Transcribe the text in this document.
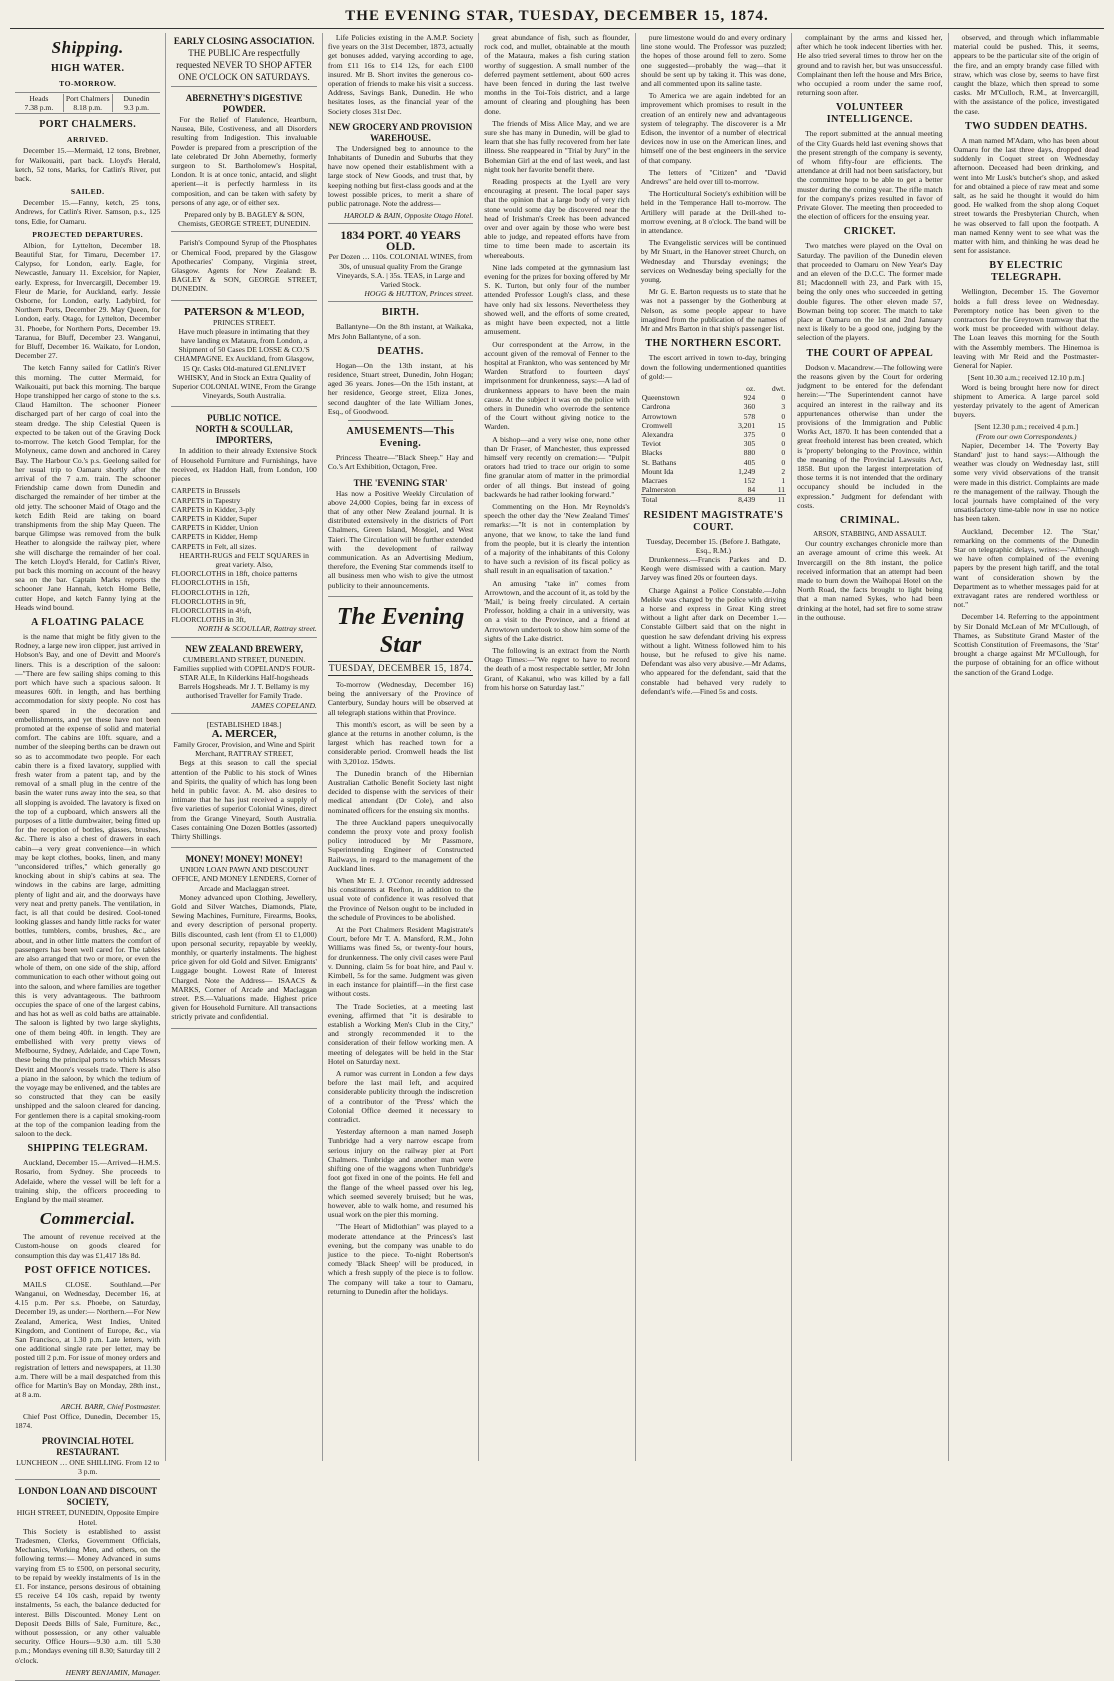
THE EVENING STAR, TUESDAY, DECEMBER 15, 1874.
Shipping.
HIGH WATER.
TO-MORROW.
Heads
7.38 p.m.
Port Chalmers
8.18 p.m.
Dunedin
9.3 p.m.
PORT CHALMERS.
ARRIVED.

December 15.—Mermaid, 12 tons, Brebner, for Waikouaiti, part back. Lloyd's Herald, ketch, 52 tons, Marks, for Catlin's River, put back.

SAILED.

December 15.—Fanny, ketch, 25 tons, Andrews, for Catlin's River. Samson, p.s., 125 tons, Edie, for Oamaru.

PROJECTED DEPARTURES.

Albion, for Lyttelton, December 18. Beautiful Star, for Timaru, December 17. Calypso, for London, early. Eagle, for Newcastle, January 11. Excelsior, for Napier, early. Express, for Invercargill, December 19. Fleur de Marie, for Auckland, early. Jessie Osborne, for London, early. Ladybird, for Northern Ports, December 29. May Queen, for London, early. Otago, for Lyttelton, December 31. Phoebe, for Northern Ports, December 19. Taranua, for Bluff, December 23. Wanganui, for Bluff, December 16. Waikato, for London, December 27.

The ketch Fanny sailed for Catlin's River this morning. The cutter Mermaid, for Waikouaiti, put back this morning. The barque Hope transhipped her cargo of stone to the s.s. Claud Hamilton. The schooner Pioneer discharged part of her cargo of coal into the steam dredge. The ship Celestial Queen is expected to be taken out of the Graving Dock to-morrow. The ketch Good Templar, for the Molyneux, came down and anchored in Carey Bay. The Harbour Co.'s p.s. Geelong sailed for her usual trip to Oamaru shortly after the arrival of the 7 a.m. train. The schooner Friendship came down from Dunedin and discharged the remainder of her timber at the old jetty. The schooner Maid of Otago and the ketch Edith Reid are taking on board transhipments from the ship May Queen. The barque Glimpse was removed from the bulk Heather to alongside the railway pier, where she will discharge the remainder of her coal. The ketch Lloyd's Herald, for Catlin's River, put back this morning on account of the heavy sea on the bar. Captain Marks reports the schooner Jane Hannah, ketch Home Belle, cutter Hope, and ketch Fanny lying at the Heads wind bound.

A FLOATING PALACE

is the name that might be fitly given to the Rodney, a large new iron clipper, just arrived in Hobson's Bay, and one of Devitt and Moore's liners. This is a description of the saloon:—"There are few sailing ships coming to this port which have such a spacious saloon. It measures 60ft. in length, and has berthing accommodation for sixty people. No cost has been spared in the decoration and embellishments, and yet these have not been promoted at the expense of solid and material comfort. The cabins are 10ft. square, and a number of the sleeping berths can be drawn out so as to accommodate two people. For each cabin there is a fixed lavatory, supplied with fresh water from a patent tap, and by the removal of a small plug in the centre of the basin the water runs away into the sea, so that all slopping is avoided. The lavatory is fixed on the top of a cupboard, which answers all the purposes of a little dumbwaiter, being fitted up for the reception of bottles, glasses, brushes, &c. There is also a chest of drawers in each cabin—a very great convenience—in which may be kept clothes, books, linen, and many "unconsidered trifles," which generally go knocking about in ship's cabins at sea. The windows in the cabins are large, admitting plenty of light and air, and the doorways have very neat and pretty panels. The ventilation, in fact, is all that could be desired. Cool-toned looking glasses and handy little racks for water bottles, tumblers, combs, brushes, &c., are about, and in other little matters the comfort of passengers has been well cared for. The tables are also arranged that two or more, or even the whole of them, on one side of the ship, afford communication to each other without going out into the saloon, and where families are together this is very advantageous. The bathroom occupies the space of one of the largest cabins, and has hot as well as cold baths are attainable. The saloon is lighted by two large skylights, one of them being 40ft. in length. They are embellished with very pretty views of Melbourne, Sydney, Adelaide, and Cape Town, these being the principal ports to which Messrs Devitt and Moore's vessels trade. There is also a piano in the saloon, by which the tedium of the voyage may be enlivened, and the tables are so constructed that they can be easily unshipped and the saloon cleared for dancing. For gentlemen there is a capital smoking-room at the top of the companion leading from the saloon to the deck.

SHIPPING TELEGRAM.

Auckland, December 15.—Arrived—H.M.S. Rosario, from Sydney. She proceeds to Adelaide, where the vessel will be left for a training ship, the officers proceeding to England by the mail steamer.

Commercial.

The amount of revenue received at the Custom-house on goods cleared for consumption this day was £1,417 18s 8d.

POST OFFICE NOTICES.

MAILS CLOSE. Southland.—Per Wanganui, on Wednesday, December 16, at 4.15 p.m. Per s.s. Phoebe, on Saturday, December 19, as under:— Northern.—For New Zealand, America, West Indies, United Kingdom, and Continent of Europe, &c., via San Francisco, at 1.30 p.m. Late letters, with one additional single rate per letter, may be posted till 2 p.m. For issue of money orders and registration of letters and newspapers, at 11.30 a.m. There will be a mail despatched from this office for Martin's Bay on Monday, 28th inst., at 8 a.m.

ARCH. BARR, Chief Postmaster.

Chief Post Office, Dunedin, December 15, 1874.

PROVINCIAL HOTEL RESTAURANT.
LUNCHEON … ONE SHILLING. From 12 to 3 p.m.
LONDON LOAN AND DISCOUNT SOCIETY,
HIGH STREET, DUNEDIN, Opposite Empire Hotel.

This Society is established to assist Tradesmen, Clerks, Government Officials, Mechanics, Working Men, and others, on the following terms:— Money Advanced in sums varying from £5 to £500, on personal security, to be repaid by weekly instalments of 1s in the £1. For instance, persons desirous of obtaining £5 receive £4 10s cash, repaid by twenty instalments, 5s each, the balance deducted for interest. Bills Discounted. Money Lent on Deposit Deeds Bills of Sale, Furniture, &c., without possession, or any other valuable security. Office Hours—9.30 a.m. till 5.30 p.m.; Mondays evening till 8.30; Saturday till 2 o'clock.

HENRY BENJAMIN, Manager.
EARLY CLOSING ASSOCIATION.
THE PUBLIC Are respectfully requested NEVER TO SHOP AFTER ONE O'CLOCK ON SATURDAYS.
ABERNETHY'S DIGESTIVE POWDER.

For the Relief of Flatulence, Heartburn, Nausea, Bile, Costiveness, and all Disorders resulting from Indigestion. This invaluable Powder is prepared from a prescription of the late celebrated Dr John Abernethy, formerly surgeon to St. Bartholomew's Hospital, London. It is at once tonic, antacid, and slight aperient—it is perfectly harmless in its composition, and can be taken with safety by persons of any age, or of either sex.

Prepared only by B. BAGLEY & SON, Chemists, GEORGE STREET, DUNEDIN.

Parish's Compound Syrup of the Phosphates or Chemical Food, prepared by the Glasgow Apothecaries' Company, Virginia street, Glasgow. Agents for New Zealand: B. BAGLEY & SON, GEORGE STREET, DUNEDIN.

PATERSON & M'LEOD,
PRINCES STREET.

Have much pleasure in intimating that they have landing ex Mataura, from London, a Shipment of 50 Cases DE LOSSE & CO.'S CHAMPAGNE. Ex Auckland, from Glasgow, 15 Qr. Casks Old-matured GLENLIVET WHISKY, And in Stock an Extra Quality of Superior COLONIAL WINE, From the Grange Vineyards, South Australia.

PUBLIC NOTICE.
NORTH & SCOULLAR, IMPORTERS,

In addition to their already Extensive Stock of Household Furniture and Furnishings, have received, ex Haddon Hall, from London, 100 pieces

CARPETS in Brussels
CARPETS in Tapestry
CARPETS in Kidder, 3-ply
CARPETS in Kidder, Super
CARPETS in Kidder, Union
CARPETS in Kidder, Hemp
CARPETS in Felt, all sizes.
HEARTH-RUGS and FELT SQUARES in great variety. Also,
FLOORCLOTHS in 18ft, choice patterns
FLOORCLOTHS in 15ft,
FLOORCLOTHS in 12ft,
FLOORCLOTHS in 9ft,
FLOORCLOTHS in 4½ft,
FLOORCLOTHS in 3ft,
NORTH & SCOULLAR, Rattray street.
NEW ZEALAND BREWERY,
CUMBERLAND STREET, DUNEDIN. Families supplied with COPELAND'S FOUR-STAR ALE, In Kilderkins Half-hogsheads Barrels Hogsheads. Mr J. T. Bellamy is my authorised Traveller for Family Trade.
JAMES COPELAND.
[ESTABLISHED 1848.]
A. MERCER,
Family Grocer, Provision, and Wine and Spirit Merchant, RATTRAY STREET,

Begs at this season to call the special attention of the Public to his stock of Wines and Spirits, the quality of which has long been held in public favor. A. M. also desires to intimate that he has just received a supply of five varieties of superior Colonial Wines, direct from the Grange Vineyard, South Australia. Cases containing One Dozen Bottles (assorted) Thirty Shillings.

MONEY! MONEY! MONEY!
UNION LOAN PAWN AND DISCOUNT OFFICE, AND MONEY LENDERS, Corner of Arcade and Maclaggan street.

Money advanced upon Clothing, Jewellery, Gold and Silver Watches, Diamonds, Plate, Sewing Machines, Furniture, Firearms, Books, and every description of personal property. Bills discounted, cash lent (from £1 to £1,000) upon personal security, repayable by weekly, monthly, or quarterly instalments. The highest price given for old Gold and Silver. Emigrants' Luggage bought. Lowest Rate of Interest Charged. Note the Address— ISAACS & MARKS, Corner of Arcade and Maclaggan street. P.S.—Valuations made. Highest price given for Household Furniture. All transactions strictly private and confidential.

Life Policies existing in the A.M.P. Society five years on the 31st December, 1873, actually get bonuses added, varying according to age, from £11 16s to £14 12s, for each £100 insured. Mr B. Short invites the generous co-operation of friends to make his visit a success. Address, Savings Bank, Dunedin. He who hesitates loses, as the financial year of the Society closes 31st Dec.

NEW GROCERY AND PROVISION WAREHOUSE.

The Undersigned beg to announce to the Inhabitants of Dunedin and Suburbs that they have now opened their establishment with a large stock of New Goods, and trust that, by keeping nothing but first-class goods and at the lowest possible prices, to merit a share of public patronage. Note the address—

HAROLD & BAIN, Opposite Otago Hotel.
1834 PORT. 40 YEARS OLD.
Per Dozen … 110s. COLONIAL WINES, from 30s, of unusual quality From the Grange Vineyards, S.A. | 35s. TEAS, in Large and Varied Stock.
HOGG & HUTTON, Princes street.
BIRTH.

Ballantyne—On the 8th instant, at Waikaka, Mrs John Ballantyne, of a son.

DEATHS.

Hogan—On the 13th instant, at his residence, Stuart street, Dunedin, John Hogan; aged 36 years. Jones—On the 15th instant, at her residence, George street, Eliza Jones, second daughter of the late William Jones, Esq., of Goodwood.

AMUSEMENTS—This Evening.

Princess Theatre—"Black Sheep." Hay and Co.'s Art Exhibition, Octagon, Free.

THE 'EVENING STAR'

Has now a Positive Weekly Circulation of above 24,000 Copies, being far in excess of that of any other New Zealand journal. It is distributed extensively in the districts of Port Chalmers, Green Island, Mosgiel, and West Taieri. The Circulation will be further extended with the development of railway communication. As an Advertising Medium, therefore, the Evening Star commends itself to all business men who wish to give the utmost publicity to their announcements.

The Evening Star
TUESDAY, DECEMBER 15, 1874.

To-morrow (Wednesday, December 16) being the anniversary of the Province of Canterbury, Sunday hours will be observed at all telegraph stations within that Province.

This month's escort, as will be seen by a glance at the returns in another column, is the largest which has reached town for a considerable period. Cromwell heads the list with 3,201oz. 15dwts.

The Dunedin branch of the Hibernian Australian Catholic Benefit Society last night decided to dispense with the services of their medical attendant (Dr Cole), and also nominated officers for the ensuing six months.

The three Auckland papers unequivocally condemn the proxy vote and proxy foolish policy introduced by Mr Passmore, Superintending Engineer of Constructed Railways, in regard to the management of the Auckland lines.

When Mr E. J. O'Conor recently addressed his constituents at Reefton, in addition to the usual vote of confidence it was resolved that the Province of Nelson ought to be included in the schedule of Provinces to be abolished.

At the Port Chalmers Resident Magistrate's Court, before Mr T. A. Mansford, R.M., John Williams was fined 5s, or twenty-four hours, for drunkenness. The only civil cases were Paul v. Dunning, claim 5s for boat hire, and Paul v. Kimbell, 5s for the same. Judgment was given in each instance for plaintiff—in the first case without costs.

The Trade Societies, at a meeting last evening, affirmed that "it is desirable to establish a Working Men's Club in the City," and strongly recommended it to the consideration of their fellow working men. A meeting of delegates will be held in the Star Hotel on Saturday next.

A rumor was current in London a few days before the last mail left, and acquired considerable publicity through the indiscretion of a contributor of the 'Press' which the Colonial Office deemed it necessary to contradict.

Yesterday afternoon a man named Joseph Tunbridge had a very narrow escape from serious injury on the railway pier at Port Chalmers. Tunbridge and another man were shifting one of the waggons when Tunbridge's foot got fixed in one of the points. He fell and the flange of the wheel passed over his leg, which seemed severely bruised; but he was, however, able to walk home, and resumed his usual work on the pier this morning.

"The Heart of Midlothian" was played to a moderate attendance at the Princess's last evening, but the company was unable to do justice to the piece. To-night Robertson's comedy 'Black Sheep' will be produced, in which a fresh supply of the piece is to follow. The company will take a tour to Oamaru, returning to Dunedin after the holidays.

great abundance of fish, such as flounder, rock cod, and mullet, obtainable at the mouth of the Mataura, makes a fish curing station worthy of suggestion. A small number of the deferred payment settlement, about 600 acres have been fenced in during the last twelve months in the Toi-Tois district, and a large amount of clearing and ploughing has been done.

The friends of Miss Alice May, and we are sure she has many in Dunedin, will be glad to learn that she has fully recovered from her late illness. She reappeared in "Trial by Jury" in the Bohemian Girl at the end of last week, and last night took her favorite benefit there.

Reading prospects at the Lyell are very encouraging at present. The local paper says that the opinion that a large body of very rich stone would some day be discovered near the head of Irishman's Creek has been advanced over and over again by those who were best able to judge, and repeated efforts have from time to time been made to ascertain its whereabouts.

Nine lads competed at the gymnasium last evening for the prizes for boxing offered by Mr S. K. Turton, but only four of the number attended Professor Lough's class, and these have only had six lessons. Nevertheless they showed well, and the efforts of some created, as might have been expected, not a little amusement.

Our correspondent at the Arrow, in the account given of the removal of Fenner to the hospital at Frankton, who was sentenced by Mr Warden Stratford to fourteen days' imprisonment for drunkenness, says:—A lad of drunkenness appears to have been the main cause. At the subject it was on the police with others in Dunedin who overrode the sentence of the Court without giving notice to the Warden.

A bishop—and a very wise one, none other than Dr Fraser, of Manchester, thus expressed himself very recently on cremation:— "Pulpit orators had tried to trace our origin to some fine granular atom of matter in the primordial order of all things. But instead of going backwards he had rather looking forward."

Commenting on the Hon. Mr Reynolds's speech the other day the 'New Zealand Times' remarks:—"It is not in contemplation by anyone, that we know, to take the land fund from the people, but it is clearly the intention of a majority of the inhabitants of this Colony to have such a revision of its fiscal policy as shall result in an equalisation of taxation."

An amusing "take in" comes from Arrowtown, and the account of it, as told by the 'Mail,' is being freely circulated. A certain Professor, holding a chair in a university, was on a visit to the Province, and a friend at Arrowtown undertook to show him some of the sights of the Lake district.

The following is an extract from the North Otago Times:—"We regret to have to record the death of a most respectable settler, Mr John Grant, of Kakanui, who was killed by a fall from his horse on Saturday last."

pure limestone would do and every ordinary line stone would. The Professor was puzzled; the hopes of those around fell to zero. Some one suggested—probably the wag—that it should be sent up by taking it. This was done, and all commented upon its saline taste.

To America we are again indebted for an improvement which promises to result in the creation of an entirely new and advantageous system of telegraphy. The discoverer is a Mr Edison, the inventor of a number of electrical devices now in use on the American lines, and himself one of the best engineers in the service of that company.

The letters of "Citizen" and "David Andrews" are held over till to-morrow.

The Horticultural Society's exhibition will be held in the Temperance Hall to-morrow. The Artillery will parade at the Drill-shed to-morrow evening, at 8 o'clock. The band will be in attendance.

The Evangelistic services will be continued by Mr Stuart, in the Hanover street Church, on Wednesday and Thursday evenings; the services on Wednesday being specially for the young.

Mr G. E. Barton requests us to state that he was not a passenger by the Gothenburg at Nelson, as some people appear to have imagined from the publication of the names of Mr and Mrs Barton in that ship's passenger list.

THE NORTHERN ESCORT.

The escort arrived in town to-day, bringing down the following undermentioned quantities of gold:—

	oz.	dwt.
Queenstown	924	0
Cardrona	360	3
Arrowtown	578	0
Cromwell	3,201	15
Alexandra	375	0
Teviot	305	0
Blacks	880	0
St. Bathans	405	0
Mount Ida	1,249	2
Macraes	152	1
Palmerston	84	11
Total	8,439	11
RESIDENT MAGISTRATE'S COURT.
Tuesday, December 15. (Before J. Bathgate, Esq., R.M.)

Drunkenness.—Francis Parkes and D. Keogh were dismissed with a caution. Mary Jarvey was fined 20s or fourteen days.

Charge Against a Police Constable.—John Meikle was charged by the police with driving a horse and express in Great King street without a light after dark on December 1.—Constable Gilbert said that on the night in question he saw defendant driving his express without a light. Witness followed him to his house, but he refused to give his name. Defendant was also very abusive.—Mr Adams, who appeared for the defendant, said that the constable had behaved very rudely to defendant's wife.—Fined 5s and costs.

complainant by the arms and kissed her, after which he took indecent liberties with her. He also tried several times to throw her on the ground and to ravish her, but was unsuccessful. Complainant then left the house and Mrs Brice, who occupied a room under the same roof, returning soon after.

VOLUNTEER INTELLIGENCE.

The report submitted at the annual meeting of the City Guards held last evening shows that the present strength of the company is seventy, of whom fifty-four are efficients. The attendance at drill had not been satisfactory, but the committee hope to be able to get a better muster during the coming year. The rifle match for the company's prizes resulted in favor of Private Glover. The meeting then proceeded to the election of officers for the ensuing year.

CRICKET.

Two matches were played on the Oval on Saturday. The pavilion of the Dunedin eleven that proceeded to Oamaru on New Year's Day and an eleven of the D.C.C. The former made 81; Macdonnell with 23, and Park with 15, being the only ones who succeeded in getting double figures. The other eleven made 57, Bowman being top scorer. The match to take place at Oamaru on the 1st and 2nd January next is likely to be a good one, judging by the selection of the players.

THE COURT OF APPEAL

Dodson v. Macandrew.—The following were the reasons given by the Court for ordering judgment to be entered for the defendant herein:—"The Superintendent cannot have acquired an interest in the railway and its appurtenances otherwise than under the provisions of the Immigration and Public Works Act, 1870. It has been contended that a great freehold interest has been created, which is 'property' belonging to the Province, within the meaning of the Provincial Lawsuits Act, 1858. But upon the largest interpretation of those terms it is not intended that the ordinary occupancy should be included in the expression." Judgment for defendant with costs.

CRIMINAL.
ARSON, STABBING, AND ASSAULT.

Our country exchanges chronicle more than an average amount of crime this week. At Invercargill on the 8th instant, the police received information that an attempt had been made to burn down the Waihopai Hotel on the North Road, the facts brought to light being that a man named Sykes, who had been drinking at the hotel, had set fire to some straw in the outhouse.

observed, and through which inflammable material could be pushed. This, it seems, appears to be the particular site of the origin of the fire, and an empty brandy case filled with straw, which was close by, seems to have first caught the blaze, which then spread to some casks. Mr M'Culloch, R.M., at Invercargill, with the assistance of the police, investigated the case.

TWO SUDDEN DEATHS.

A man named M'Adam, who has been about Oamaru for the last three days, dropped dead suddenly in Coquet street on Wednesday afternoon. Deceased had been drinking, and went into Mr Lusk's butcher's shop, and asked for and obtained a piece of raw meat and some salt, as he said he thought it would do him good. He walked from the shop along Coquet street towards the Presbyterian Church, when he was observed to fall upon the footpath. A man named Kenny went to see what was the matter with him, and thinking he was dead he sent for assistance.

BY ELECTRIC TELEGRAPH.

Wellington, December 15. The Governor holds a full dress levee on Wednesday. Peremptory notice has been given to the contractors for the Greytown tramway that the work must be proceeded with without delay. The Loan leaves this morning for the South with the Assembly members. The Hinemoa is leaving with Mr Reid and the Postmaster-General for Napier.

[Sent 10.30 a.m.; received 12.10 p.m.]

Word is being brought here now for direct shipment to America. A large parcel sold yesterday privately to the agent of American buyers.

[Sent 12.30 p.m.; received 4 p.m.]
(From our own Correspondents.)

Napier, December 14. The 'Poverty Bay Standard' just to hand says:—Although the weather was cloudy on Wednesday last, still some very vivid observations of the transit were made in this district. Complaints are made re the management of the railway. Though the local journals have complained of the very unsatisfactory time-table now in use no notice has been taken.

Auckland, December 12. The 'Star,' remarking on the comments of the Dunedin Star on telegraphic delays, writes:—"Although we have often complained of the evening papers by the present high tariff, and the total want of consideration shown by the Department as to whether messages paid for at extravagant rates are rendered worthless or not."

December 14. Referring to the appointment by Sir Donald McLean of Mr M'Cullough, of Thames, as Substitute Grand Master of the Scottish Constitution of Freemasons, the 'Star' brought a charge against Mr M'Cullough, for the purpose of obtaining for an office without the sanction of the Grand Lodge.
